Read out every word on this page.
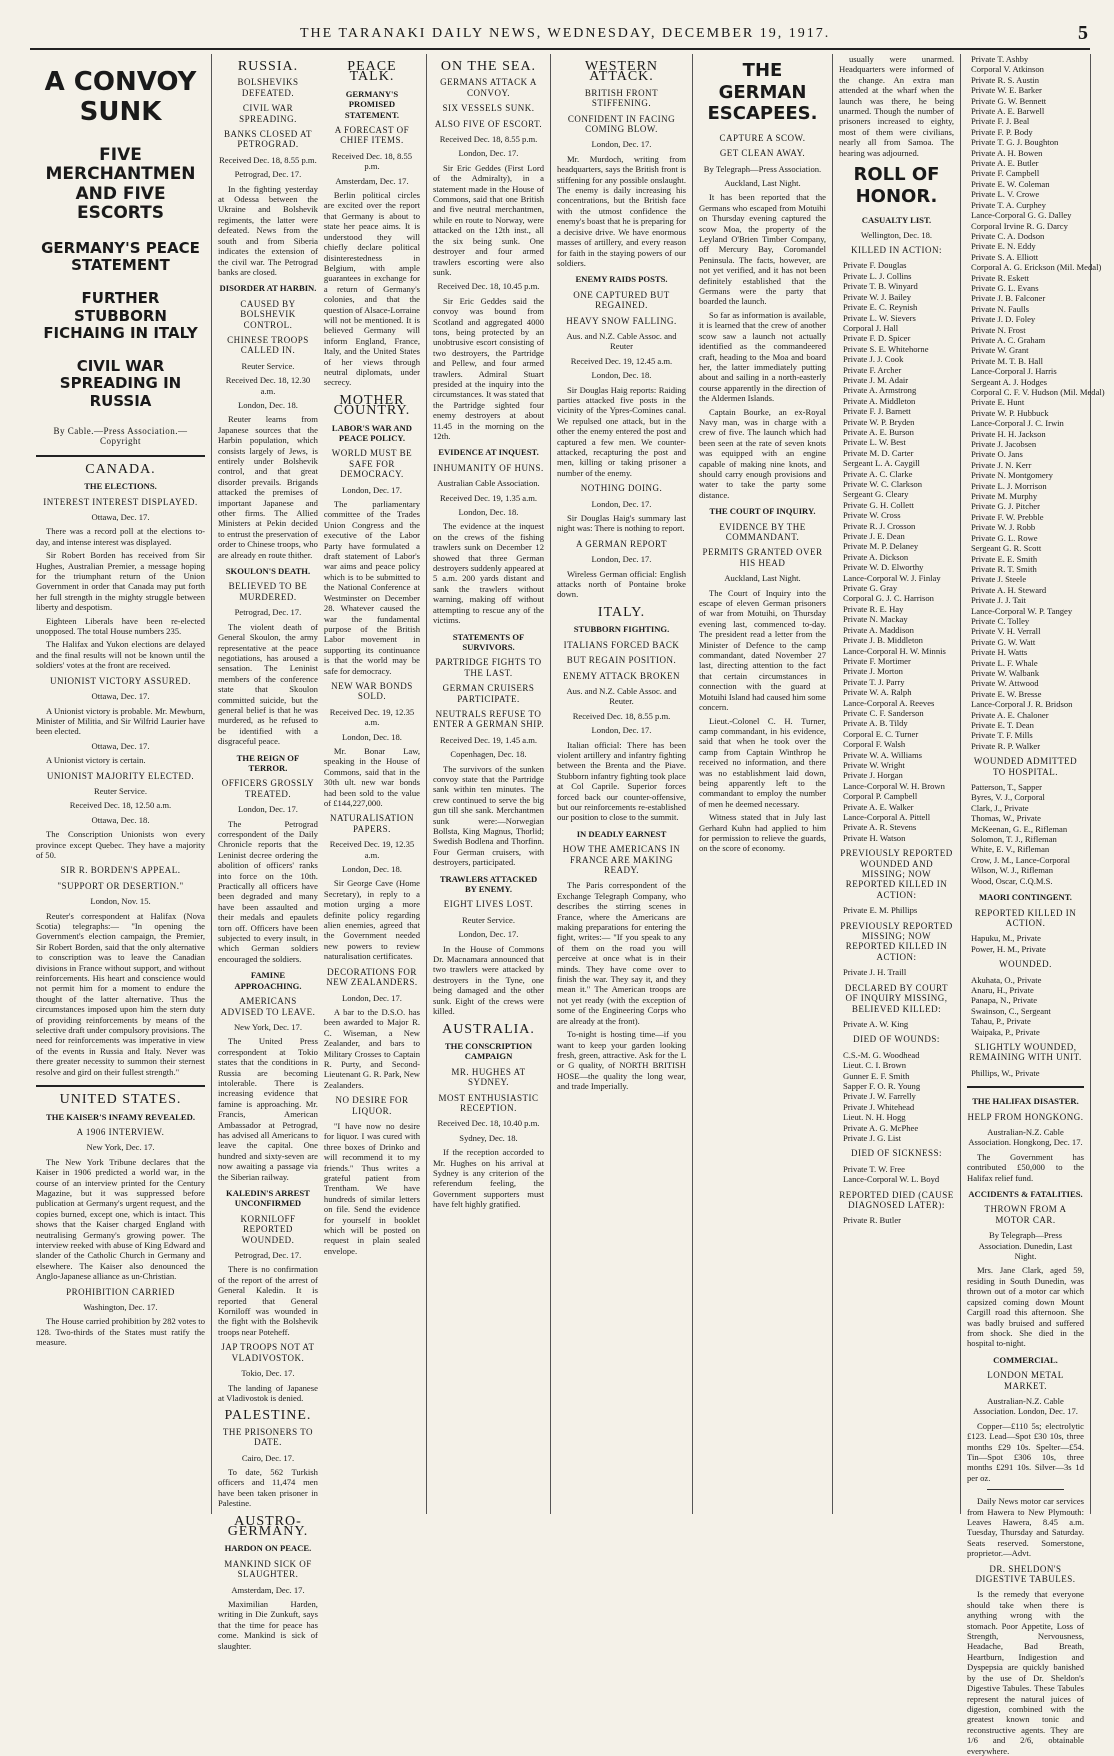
THE TARANAKI DAILY NEWS, WEDNESDAY, DECEMBER 19, 1917.	5
A CONVOY SUNK
FIVE MERCHANTMEN AND FIVE ESCORTS
GERMANY'S PEACE STATEMENT
FURTHER STUBBORN FICHAING IN ITALY
CIVIL WAR SPREADING IN RUSSIA
By Cable.—Press Association.—Copyright
CANADA.
THE ELECTIONS.
INTEREST INTEREST DISPLAYED.
Ottawa, Dec. 17.

There was a record poll at the elections to-day, and intense interest was displayed.

Sir Robert Borden has received from Sir Hughes, Australian Premier, a message hoping for the triumphant return of the Union Government in order that Canada may put forth her full strength in the mighty struggle between liberty and despotism.

Eighteen Liberals have been re-elected unopposed. The total House numbers 235.

The Halifax and Yukon elections are delayed and the final results will not be known until the soldiers' votes at the front are received.

UNIONIST VICTORY ASSURED.
Ottawa, Dec. 17.

A Unionist victory is probable. Mr. Mewburn, Minister of Militia, and Sir Wilfrid Laurier have been elected.

Ottawa, Dec. 17.

A Unionist victory is certain.

UNIONIST MAJORITY ELECTED.
Reuter Service.
Received Dec. 18, 12.50 a.m.
Ottawa, Dec. 18.

The Conscription Unionists won every province except Quebec. They have a majority of 50.

SIR R. BORDEN'S APPEAL.
"SUPPORT OR DESERTION."
London, Nov. 15.

Reuter's correspondent at Halifax (Nova Scotia) telegraphs:— "In opening the Government's election campaign, the Premier, Sir Robert Borden, said that the only alternative to conscription was to leave the Canadian divisions in France without support, and without reinforcements. His heart and conscience would not permit him for a moment to endure the thought of the latter alternative. Thus the circumstances imposed upon him the stern duty of providing reinforcements by means of the selective draft under compulsory provisions. The need for reinforcements was imperative in view of the events in Russia and Italy. Never was there greater necessity to summon their sternest resolve and gird on their fullest strength."

UNITED STATES.
THE KAISER'S INFAMY REVEALED.
A 1906 INTERVIEW.
New York, Dec. 17.

The New York Tribune declares that the Kaiser in 1906 predicted a world war, in the course of an interview printed for the Century Magazine, but it was suppressed before publication at Germany's urgent request, and the copies burned, except one, which is intact. This shows that the Kaiser charged England with neutralising Germany's growing power. The interview reeked with abuse of King Edward and slander of the Catholic Church in Germany and elsewhere. The Kaiser also denounced the Anglo-Japanese alliance as un-Christian.

PROHIBITION CARRIED
Washington, Dec. 17.

The House carried prohibition by 282 votes to 128. Two-thirds of the States must ratify the measure.

RUSSIA.
BOLSHEVIKS DEFEATED.
CIVIL WAR SPREADING.
BANKS CLOSED AT PETROGRAD.
Received Dec. 18, 8.55 p.m.
Petrograd, Dec. 17.

In the fighting yesterday at Odessa between the Ukraine and Bolshevik regiments, the latter were defeated. News from the south and from Siberia indicates the extension of the civil war. The Petrograd banks are closed.

DISORDER AT HARBIN.
CAUSED BY BOLSHEVIK CONTROL.
CHINESE TROOPS CALLED IN.
Reuter Service.
Received Dec. 18, 12.30 a.m.
London, Dec. 18.

Reuter learns from Japanese sources that the Harbin population, which consists largely of Jews, is entirely under Bolshevik control, and that great disorder prevails. Brigands attacked the premises of important Japanese and other firms. The Allied Ministers at Pekin decided to entrust the preservation of order to Chinese troops, who are already en route thither.

SKOULON'S DEATH.
BELIEVED TO BE MURDERED.
Petrograd, Dec. 17.

The violent death of General Skoulon, the army representative at the peace negotiations, has aroused a sensation. The Leninist members of the conference state that Skoulon committed suicide, but the general belief is that he was murdered, as he refused to be identified with a disgraceful peace.

THE REIGN OF TERROR.
OFFICERS GROSSLY TREATED.
London, Dec. 17.

The Petrograd correspondent of the Daily Chronicle reports that the Leninist decree ordering the abolition of officers' ranks into force on the 10th. Practically all officers have been degraded and many have been assaulted and their medals and epaulets torn off. Officers have been subjected to every insult, in which German soldiers encouraged the soldiers.

FAMINE APPROACHING.
AMERICANS ADVISED TO LEAVE.
New York, Dec. 17.

The United Press correspondent at Tokio states that the conditions in Russia are becoming intolerable. There is increasing evidence that famine is approaching. Mr. Francis, American Ambassador at Petrograd, has advised all Americans to leave the capital. One hundred and sixty-seven are now awaiting a passage via the Siberian railway.

KALEDIN'S ARREST UNCONFIRMED
KORNILOFF REPORTED WOUNDED.
Petrograd, Dec. 17.

There is no confirmation of the report of the arrest of General Kaledin. It is reported that General Korniloff was wounded in the fight with the Bolshevik troops near Poteheff.

JAP TROOPS NOT AT VLADIVOSTOK.
Tokio, Dec. 17.

The landing of Japanese at Vladivostok is denied.

PALESTINE.
THE PRISONERS TO DATE.
Cairo, Dec. 17.

To date, 562 Turkish officers and 11,474 men have been taken prisoner in Palestine.

AUSTRO-GERMANY.
HARDON ON PEACE.
MANKIND SICK OF SLAUGHTER.
Amsterdam, Dec. 17.

Maximilian Harden, writing in Die Zunkuft, says that the time for peace has come. Mankind is sick of slaughter.

PEACE TALK.
GERMANY'S PROMISED STATEMENT.
A FORECAST OF CHIEF ITEMS.
Received Dec. 18, 8.55 p.m.
Amsterdam, Dec. 17.

Berlin political circles are excited over the report that Germany is about to state her peace aims. It is understood they will chiefly declare political disinterestedness in Belgium, with ample guarantees in exchange for a return of Germany's colonies, and that the question of Alsace-Lorraine will not be mentioned. It is believed Germany will inform England, France, Italy, and the United States of her views through neutral diplomats, under secrecy.

MOTHER COUNTRY.
LABOR'S WAR AND PEACE POLICY.
WORLD MUST BE SAFE FOR DEMOCRACY.
London, Dec. 17.

The parliamentary committee of the Trades Union Congress and the executive of the Labor Party have formulated a draft statement of Labor's war aims and peace policy which is to be submitted to the National Conference at Westminster on December 28. Whatever caused the war the fundamental purpose of the British Labor movement in supporting its continuance is that the world may be safe for democracy.

NEW WAR BONDS SOLD.
Received Dec. 19, 12.35 a.m.
London, Dec. 18.

Mr. Bonar Law, speaking in the House of Commons, said that in the 30th ult. new war bonds had been sold to the value of £144,227,000.

NATURALISATION PAPERS.
Received Dec. 19, 12.35 a.m.
London, Dec. 18.

Sir George Cave (Home Secretary), in reply to a motion urging a more definite policy regarding alien enemies, agreed that the Government needed new powers to review naturalisation certificates.

DECORATIONS FOR NEW ZEALANDERS.
London, Dec. 17.

A bar to the D.S.O. has been awarded to Major R. C. Wiseman, a New Zealander, and bars to Military Crosses to Captain R. Purty, and Second-Lieutenant G. R. Park, New Zealanders.

NO DESIRE FOR LIQUOR.

"I have now no desire for liquor. I was cured with three boxes of Drinko and will recommend it to my friends." Thus writes a grateful patient from Trentham. We have hundreds of similar letters on file. Send the evidence for yourself in booklet which will be posted on request in plain sealed envelope.

ON THE SEA.
GERMANS ATTACK A CONVOY.
SIX VESSELS SUNK.
ALSO FIVE OF ESCORT.
Received Dec. 18, 8.55 p.m.
London, Dec. 17.

Sir Eric Geddes (First Lord of the Admiralty), in a statement made in the House of Commons, said that one British and five neutral merchantmen, while en route to Norway, were attacked on the 12th inst., all the six being sunk. One destroyer and four armed trawlers escorting were also sunk.

Received Dec. 18, 10.45 p.m.

Sir Eric Geddes said the convoy was bound from Scotland and aggregated 4000 tons, being protected by an unobtrusive escort consisting of two destroyers, the Partridge and Pellew, and four armed trawlers. Admiral Stuart presided at the inquiry into the circumstances. It was stated that the Partridge sighted four enemy destroyers at about 11.45 in the morning on the 12th.

EVIDENCE AT INQUEST.
INHUMANITY OF HUNS.
Australian Cable Association.
Received Dec. 19, 1.35 a.m.
London, Dec. 18.

The evidence at the inquest on the crews of the fishing trawlers sunk on December 12 showed that three German destroyers suddenly appeared at 5 a.m. 200 yards distant and sank the trawlers without warning, making off without attempting to rescue any of the victims.

STATEMENTS OF SURVIVORS.
PARTRIDGE FIGHTS TO THE LAST.
GERMAN CRUISERS PARTICIPATE.
NEUTRALS REFUSE TO ENTER A GERMAN SHIP.
Received Dec. 19, 1.45 a.m.
Copenhagen, Dec. 18.

The survivors of the sunken convoy state that the Partridge sank within ten minutes. The crew continued to serve the big gun till she sank. Merchantmen sunk were:—Norwegian Bollsta, King Magnus, Thorlid; Swedish Bodlena and Thorfinn. Four German cruisers, with destroyers, participated.

TRAWLERS ATTACKED BY ENEMY.
EIGHT LIVES LOST.
Reuter Service.
London, Dec. 17.

In the House of Commons Dr. Macnamara announced that two trawlers were attacked by destroyers in the Tyne, one being damaged and the other sunk. Eight of the crews were killed.

AUSTRALIA.
THE CONSCRIPTION CAMPAIGN
MR. HUGHES AT SYDNEY.
MOST ENTHUSIASTIC RECEPTION.
Received Dec. 18, 10.40 p.m.
Sydney, Dec. 18.

If the reception accorded to Mr. Hughes on his arrival at Sydney is any criterion of the referendum feeling, the Government supporters must have felt highly gratified.

WESTERN ATTACK.
BRITISH FRONT STIFFENING.
CONFIDENT IN FACING COMING BLOW.
London, Dec. 17.

Mr. Murdoch, writing from headquarters, says the British front is stiffening for any possible onslaught. The enemy is daily increasing his concentrations, but the British face with the utmost confidence the enemy's boast that he is preparing for a decisive drive. We have enormous masses of artillery, and every reason for faith in the staying powers of our soldiers.

ENEMY RAIDS POSTS.
ONE CAPTURED BUT REGAINED.
HEAVY SNOW FALLING.
Aus. and N.Z. Cable Assoc. and Reuter
Received Dec. 19, 12.45 a.m.
London, Dec. 18.

Sir Douglas Haig reports: Raiding parties attacked five posts in the vicinity of the Ypres-Comines canal. We repulsed one attack, but in the other the enemy entered the post and captured a few men. We counter-attacked, recapturing the post and men, killing or taking prisoner a number of the enemy.

NOTHING DOING.
London, Dec. 17.

Sir Douglas Haig's summary last night was: There is nothing to report.

A GERMAN REPORT
London, Dec. 17.

Wireless German official: English attacks north of Pontaine broke down.

ITALY.
STUBBORN FIGHTING.
ITALIANS FORCED BACK
BUT REGAIN POSITION.
ENEMY ATTACK BROKEN
Aus. and N.Z. Cable Assoc. and Reuter.
Received Dec. 18, 8.55 p.m.
London, Dec. 17.

Italian official: There has been violent artillery and infantry fighting between the Brenta and the Piave. Stubborn infantry fighting took place at Col Caprile. Superior forces forced back our counter-offensive, but our reinforcements re-established our position to close to the summit.

IN DEADLY EARNEST
HOW THE AMERICANS IN FRANCE ARE MAKING READY.

The Paris correspondent of the Exchange Telegraph Company, who describes the stirring scenes in France, where the Americans are making preparations for entering the fight, writes:— "If you speak to any of them on the road you will perceive at once what is in their minds. They have come over to finish the war. They say it, and they mean it." The American troops are not yet ready (with the exception of some of the Engineering Corps who are already at the front).

To-night is hosting time—if you want to keep your garden looking fresh, green, attractive. Ask for the L or G quality, of NORTH BRITISH HOSE—the quality the long wear, and trade Imperially.

THE GERMAN
ESCAPEES.
CAPTURE A SCOW.
GET CLEAN AWAY.
By Telegraph—Press Association.
Auckland, Last Night.

It has been reported that the Germans who escaped from Motuihi on Thursday evening captured the scow Moa, the property of the Leyland O'Brien Timber Company, off Mercury Bay, Coromandel Peninsula. The facts, however, are not yet verified, and it has not been definitely established that the Germans were the party that boarded the launch.

So far as information is available, it is learned that the crew of another scow saw a launch not actually identified as the commandeered craft, heading to the Moa and board her, the latter immediately putting about and sailing in a north-easterly course apparently in the direction of the Aldermen Islands.

Captain Bourke, an ex-Royal Navy man, was in charge with a crew of five. The launch which had been seen at the rate of seven knots was equipped with an engine capable of making nine knots, and should carry enough provisions and water to take the party some distance.

THE COURT OF INQUIRY.
EVIDENCE BY THE COMMANDANT.
PERMITS GRANTED OVER HIS HEAD
Auckland, Last Night.

The Court of Inquiry into the escape of eleven German prisoners of war from Motuihi, on Thursday evening last, commenced to-day. The president read a letter from the Minister of Defence to the camp commandant, dated November 27 last, directing attention to the fact that certain circumstances in connection with the guard at Motuihi Island had caused him some concern.

Lieut.-Colonel C. H. Turner, camp commandant, in his evidence, said that when he took over the camp from Captain Winthrop he received no information, and there was no establishment laid down, being apparently left to the commandant to employ the number of men he deemed necessary.

Witness stated that in July last Gerhard Kuhn had applied to him for permission to relieve the guards, on the score of economy.

usually were unarmed. Headquarters were informed of the change. An extra man attended at the wharf when the launch was there, he being unarmed. Though the number of prisoners increased to eighty, most of them were civilians, nearly all from Samoa. The hearing was adjourned.

ROLL OF HONOR.
CASUALTY LIST.
Wellington, Dec. 18.
KILLED IN ACTION:
Private F. Douglas
Private L. J. Collins
Private T. B. Winyard
Private W. J. Bailey
Private E. C. Reynish
Private L. W. Sievers
Corporal J. Hall
Private F. D. Spicer
Private S. E. Whitehorne
Private J. J. Cook
Private F. Archer
Private J. M. Adair
Private A. Armstrong
Private A. Middleton
Private F. J. Barnett
Private W. P. Bryden
Private A. E. Burson
Private L. W. Best
Private M. D. Carter
Sergeant L. A. Caygill
Private A. C. Clarke
Private W. C. Clarkson
Sergeant G. Cleary
Private G. H. Collett
Private W. Cross
Private R. J. Crosson
Private J. E. Dean
Private M. P. Delaney
Private A. Dickson
Private W. D. Elworthy
Lance-Corporal W. J. Finlay
Private G. Gray
Corporal G. J. C. Harrison
Private R. E. Hay
Private N. Mackay
Private A. Maddison
Private J. B. Middleton
Lance-Corporal H. W. Minnis
Private F. Mortimer
Private J. Morton
Private T. J. Parry
Private W. A. Ralph
Lance-Corporal A. Reeves
Private C. F. Sanderson
Private A. B. Tildy
Corporal E. C. Turner
Corporal F. Walsh
Private W. A. Williams
Private W. Wright
Private J. Horgan
Lance-Corporal W. H. Brown
Corporal P. Campbell
Private A. E. Walker
Lance-Corporal A. Pittell
Private A. R. Stevens
Private H. Watson
PREVIOUSLY REPORTED WOUNDED AND MISSING; NOW REPORTED KILLED IN ACTION:
Private E. M. Phillips
PREVIOUSLY REPORTED MISSING; NOW REPORTED KILLED IN ACTION:
Private J. H. Traill
DECLARED BY COURT OF INQUIRY MISSING, BELIEVED KILLED:
Private A. W. King
DIED OF WOUNDS:
C.S.-M. G. Woodhead
Lieut. C. I. Brown
Gunner E. F. Smith
Sapper F. O. R. Young
Private J. W. Farrelly
Private J. Whitehead
Lieut. N. H. Hogg
Private A. G. McPhee
Private J. G. List
DIED OF SICKNESS:
Private T. W. Free
Lance-Corporal W. L. Boyd
REPORTED DIED (CAUSE DIAGNOSED LATER):
Private R. Butler
Private T. Ashby
Corporal V. Atkinson
Private R. S. Austin
Private W. E. Barker
Private G. W. Bennett
Private A. E. Barwell
Private F. J. Beal
Private F. P. Body
Private T. G. J. Boughton
Private A. H. Bowen
Private A. E. Butler
Private F. Campbell
Private E. W. Coleman
Private L. V. Crowe
Private T. A. Curphey
Lance-Corporal G. G. Dalley
Corporal Irvine R. G. Darcy
Private C. A. Dodson
Private E. N. Eddy
Private S. A. Elliott
Corporal A. G. Erickson (Mil. Medal)
Private R. Eskett
Private G. L. Evans
Private J. B. Falconer
Private N. Faulls
Private J. D. Foley
Private N. Frost
Private A. C. Graham
Private W. Grant
Private M. T. B. Hall
Lance-Corporal J. Harris
Sergeant A. J. Hodges
Corporal C. F. V. Hudson (Mil. Medal)
Private E. Hunt
Private W. P. Hubbuck
Lance-Corporal J. C. Irwin
Private H. H. Jackson
Private J. Jacobsen
Private O. Jans
Private J. N. Kerr
Private N. Montgomery
Private L. J. Morrison
Private M. Murphy
Private G. J. Pitcher
Private F. W. Prebble
Private W. J. Robb
Private G. L. Rowe
Sergeant G. R. Scott
Private E. E. Smith
Private R. T. Smith
Private J. Steele
Private A. H. Steward
Private J. J. Tait
Lance-Corporal W. P. Tangey
Private C. Tolley
Private V. H. Verrall
Private G. W. Watt
Private H. Watts
Private L. F. Whale
Private W. Walbank
Private W. Attwood
Private E. W. Bresse
Lance-Corporal J. R. Bridson
Private A. E. Chaloner
Private E. T. Dean
Private T. F. Mills
Private R. P. Walker
WOUNDED ADMITTED TO HOSPITAL.
Patterson, T., Sapper
Byres, V. J., Corporal
Clark, J., Private
Thomas, W., Private
McKeenan, G. E., Rifleman
Solomon, T. J., Rifleman
White, E. V., Rifleman
Crow, J. M., Lance-Corporal
Wilson, W. J., Rifleman
Wood, Oscar, C.Q.M.S.
MAORI CONTINGENT.
REPORTED KILLED IN ACTION.
Hapuku, M., Private
Power, H. M., Private
WOUNDED.
Akuhata, O., Private
Anaru, H., Private
Panapa, N., Private
Swainson, C., Sergeant
Tahau, P., Private
Waipaka, P., Private
SLIGHTLY WOUNDED, REMAINING WITH UNIT.
Phillips, W., Private
THE HALIFAX DISASTER.
HELP FROM HONGKONG.
Australian-N.Z. Cable Association. Hongkong, Dec. 17.

The Government has contributed £50,000 to the Halifax relief fund.

ACCIDENTS & FATALITIES.
THROWN FROM A MOTOR CAR.
By Telegraph—Press Association. Dunedin, Last Night.

Mrs. Jane Clark, aged 59, residing in South Dunedin, was thrown out of a motor car which capsized coming down Mount Cargill road this afternoon. She was badly bruised and suffered from shock. She died in the hospital to-night.

COMMERCIAL.
LONDON METAL MARKET.
Australian-N.Z. Cable Association. London, Dec. 17.

Copper—£110 5s; electrolytic £123. Lead—Spot £30 10s, three months £29 10s. Spelter—£54. Tin—Spot £306 10s, three months £291 10s. Silver—3s 1d per oz.

Daily News motor car services from Hawera to New Plymouth: Leaves Hawera, 8.45 a.m. Tuesday, Thursday and Saturday. Seats reserved. Somerstone, proprietor.—Advt.

DR. SHELDON'S DIGESTIVE TABULES.

Is the remedy that everyone should take when there is anything wrong with the stomach. Poor Appetite, Loss of Strength, Nervousness, Headache, Bad Breath, Heartburn, Indigestion and Dyspepsia are quickly banished by the use of Dr. Sheldon's Digestive Tabules. These Tabules represent the natural juices of digestion, combined with the greatest known tonic and reconstructive agents. They are 1/6 and 2/6, obtainable everywhere.
